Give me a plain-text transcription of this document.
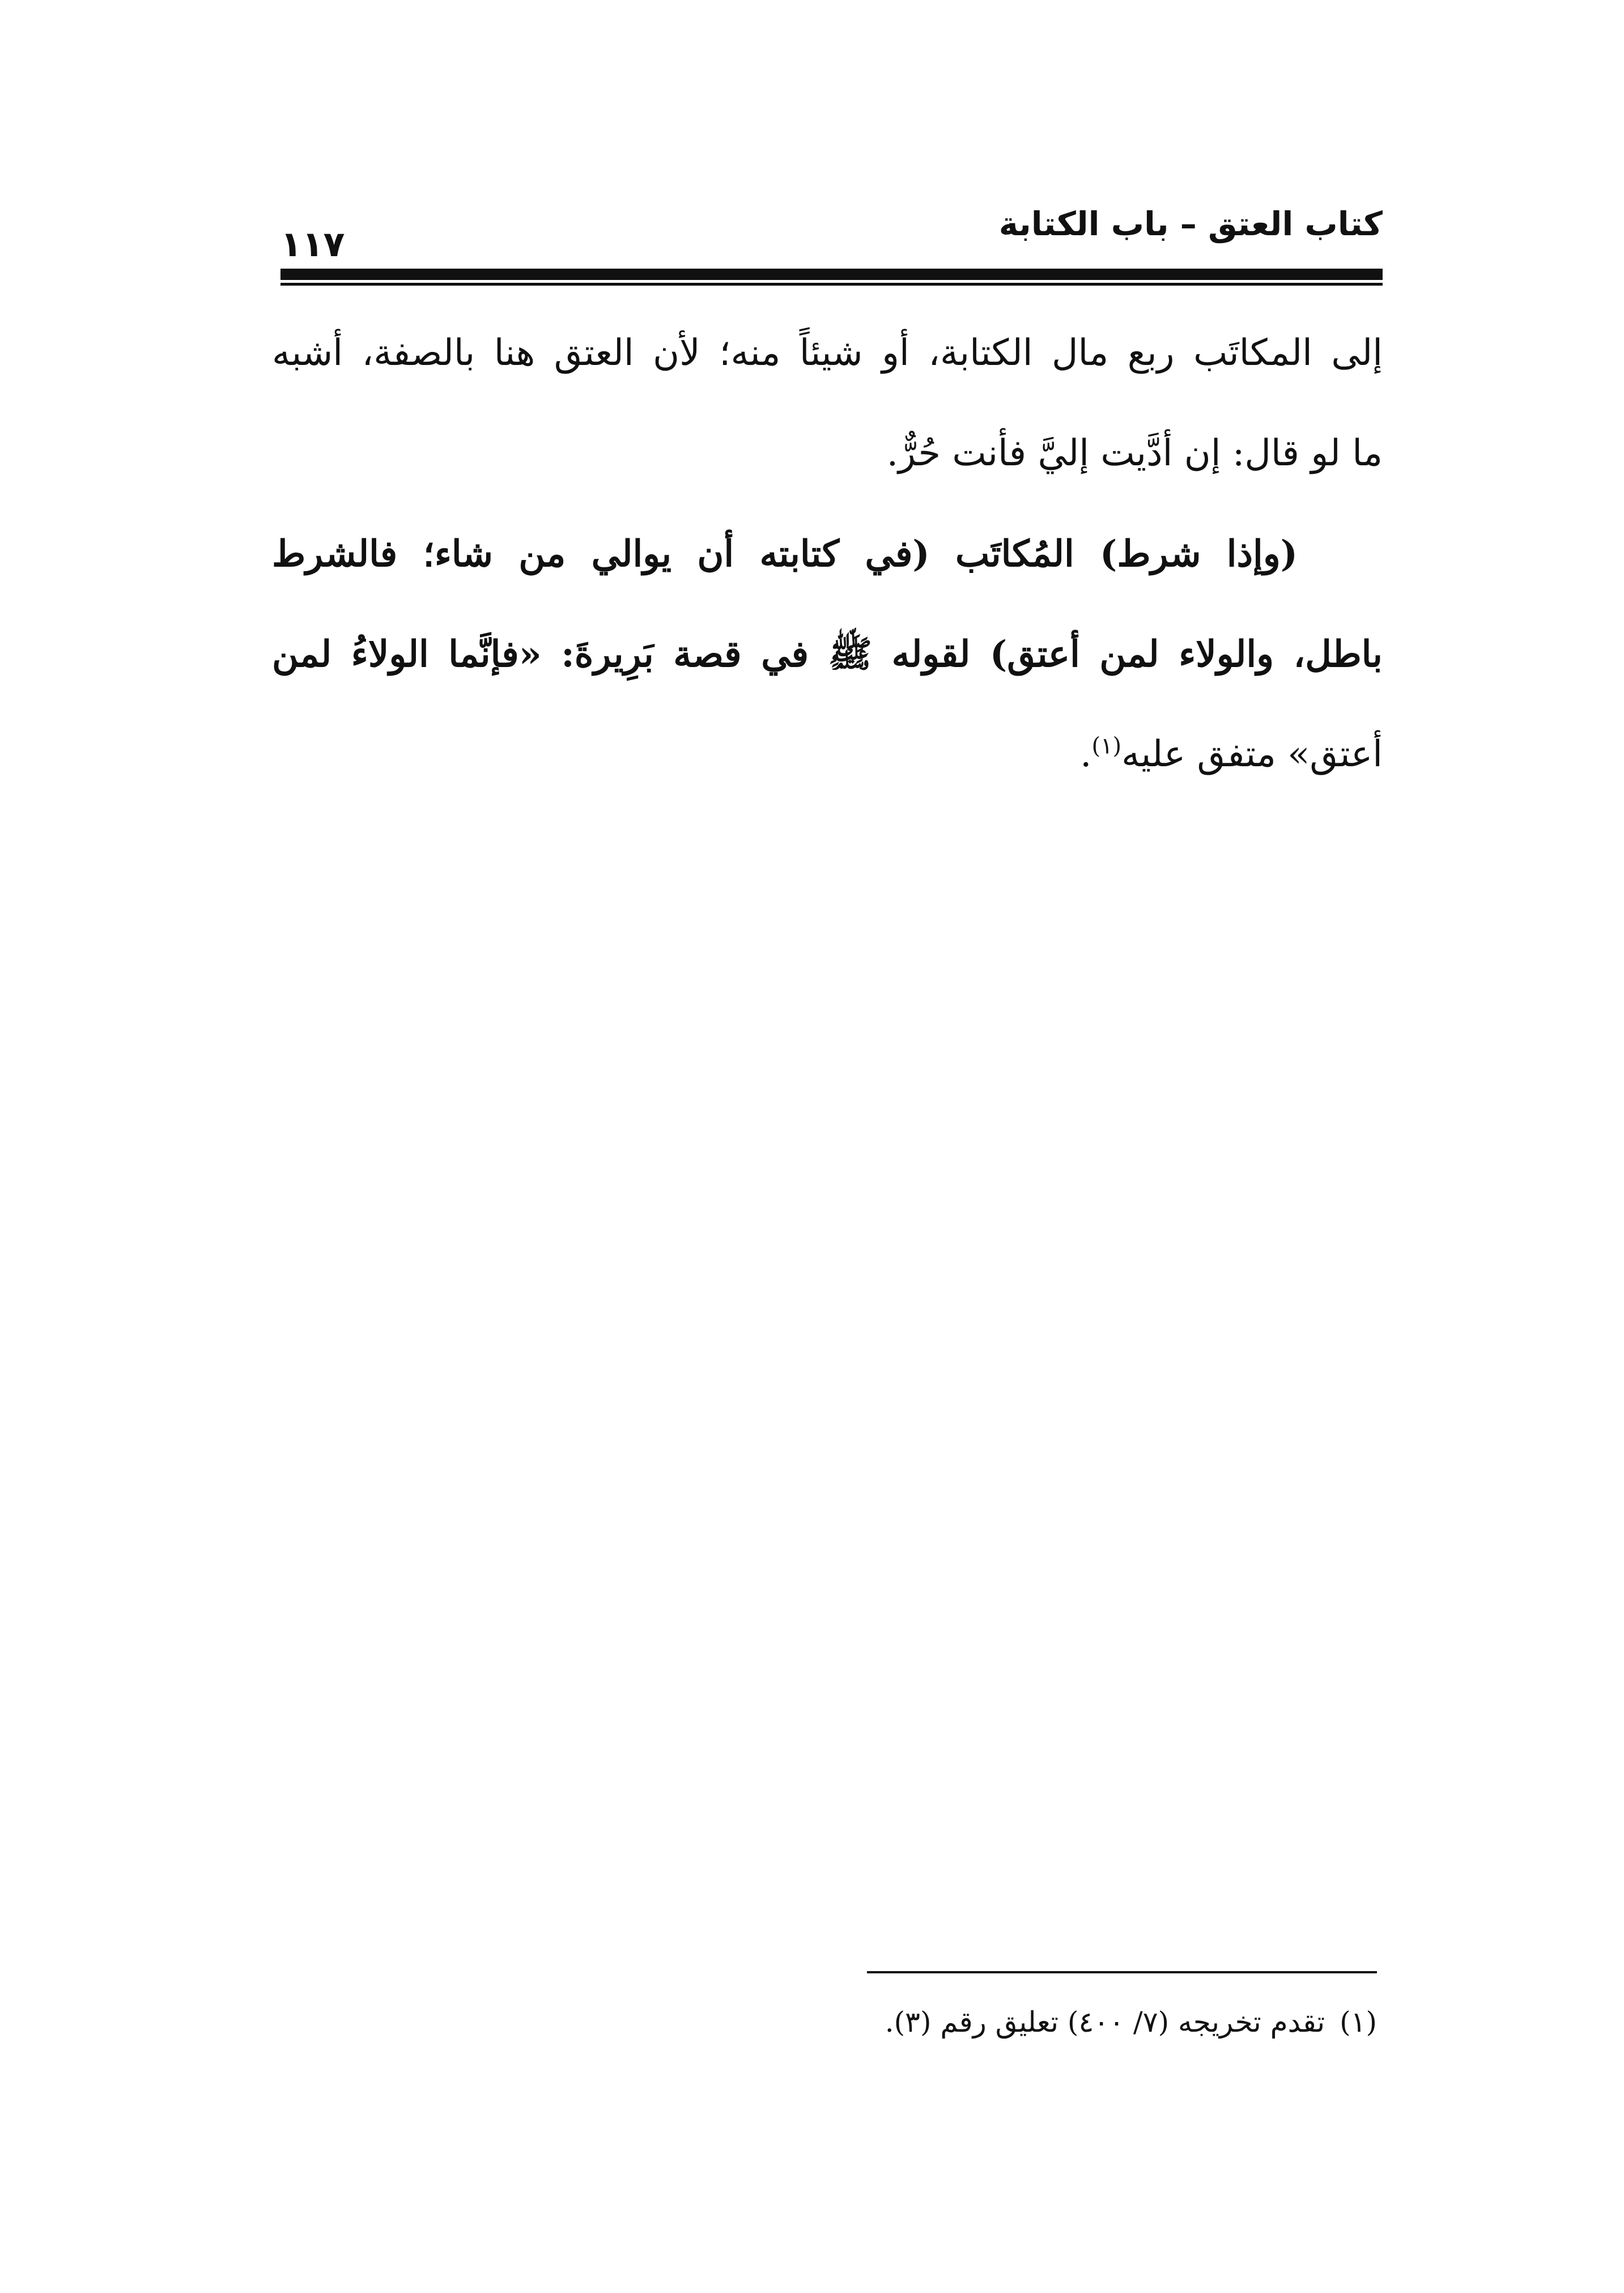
١١٧	كتاب العتق – باب الكتابة
إلى المكاتَب ربع مال الكتابة، أو شيئاً منه؛ لأن العتق هنا بالصفة، أشبه
ما لو قال: إن أدَّيت إليَّ فأنت حُرٌّ.
(وإذا شرط) المُكاتَب (في كتابته أن يوالي من شاء؛ فالشرط
باطل، والولاء لمن أعتق) لقوله ﷺ في قصة بَرِيرةَ: «فإنَّما الولاءُ لمن
أعتق» متفق عليه$^{(١)}$.
(١)تقدم تخريجه (٧/ ٤٠٠) تعليق رقم (٣).
